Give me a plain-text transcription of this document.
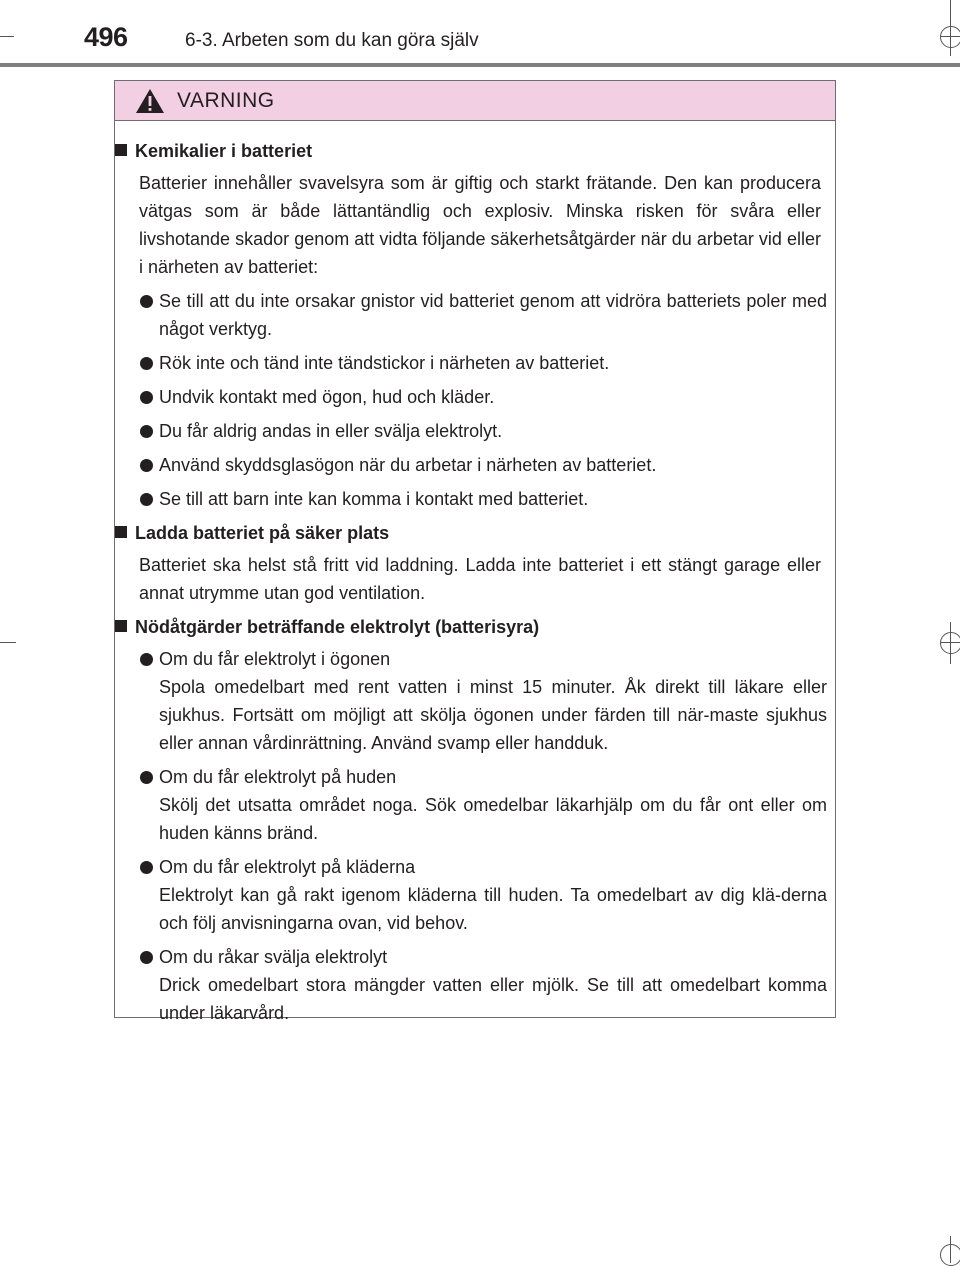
496	6-3. Arbeten som du kan göra själv
VARNING
Kemikalier i batteriet

Batterier innehåller svavelsyra som är giftig och starkt frätande. Den kan producera vätgas som är både lättantändlig och explosiv. Minska risken för svåra eller livshotande skador genom att vidta följande säkerhetsåtgärder när du arbetar vid eller i närheten av batteriet:

Se till att du inte orsakar gnistor vid batteriet genom att vidröra batteriets poler med något verktyg.
Rök inte och tänd inte tändstickor i närheten av batteriet.
Undvik kontakt med ögon, hud och kläder.
Du får aldrig andas in eller svälja elektrolyt.
Använd skyddsglasögon när du arbetar i närheten av batteriet.
Se till att barn inte kan komma i kontakt med batteriet.
Ladda batteriet på säker plats

Batteriet ska helst stå fritt vid laddning. Ladda inte batteriet i ett stängt garage eller annat utrymme utan god ventilation.

Nödåtgärder beträffande elektrolyt (batterisyra)
Om du får elektrolyt i ögonen
Spola omedelbart med rent vatten i minst 15 minuter. Åk direkt till läkare eller sjukhus. Fortsätt om möjligt att skölja ögonen under färden till när-maste sjukhus eller annan vårdinrättning. Använd svamp eller handduk.
Om du får elektrolyt på huden
Skölj det utsatta området noga. Sök omedelbar läkarhjälp om du får ont eller om huden känns bränd.
Om du får elektrolyt på kläderna
Elektrolyt kan gå rakt igenom kläderna till huden. Ta omedelbart av dig klä-derna och följ anvisningarna ovan, vid behov.
Om du råkar svälja elektrolyt
Drick omedelbart stora mängder vatten eller mjölk. Se till att omedelbart komma under läkarvård.
